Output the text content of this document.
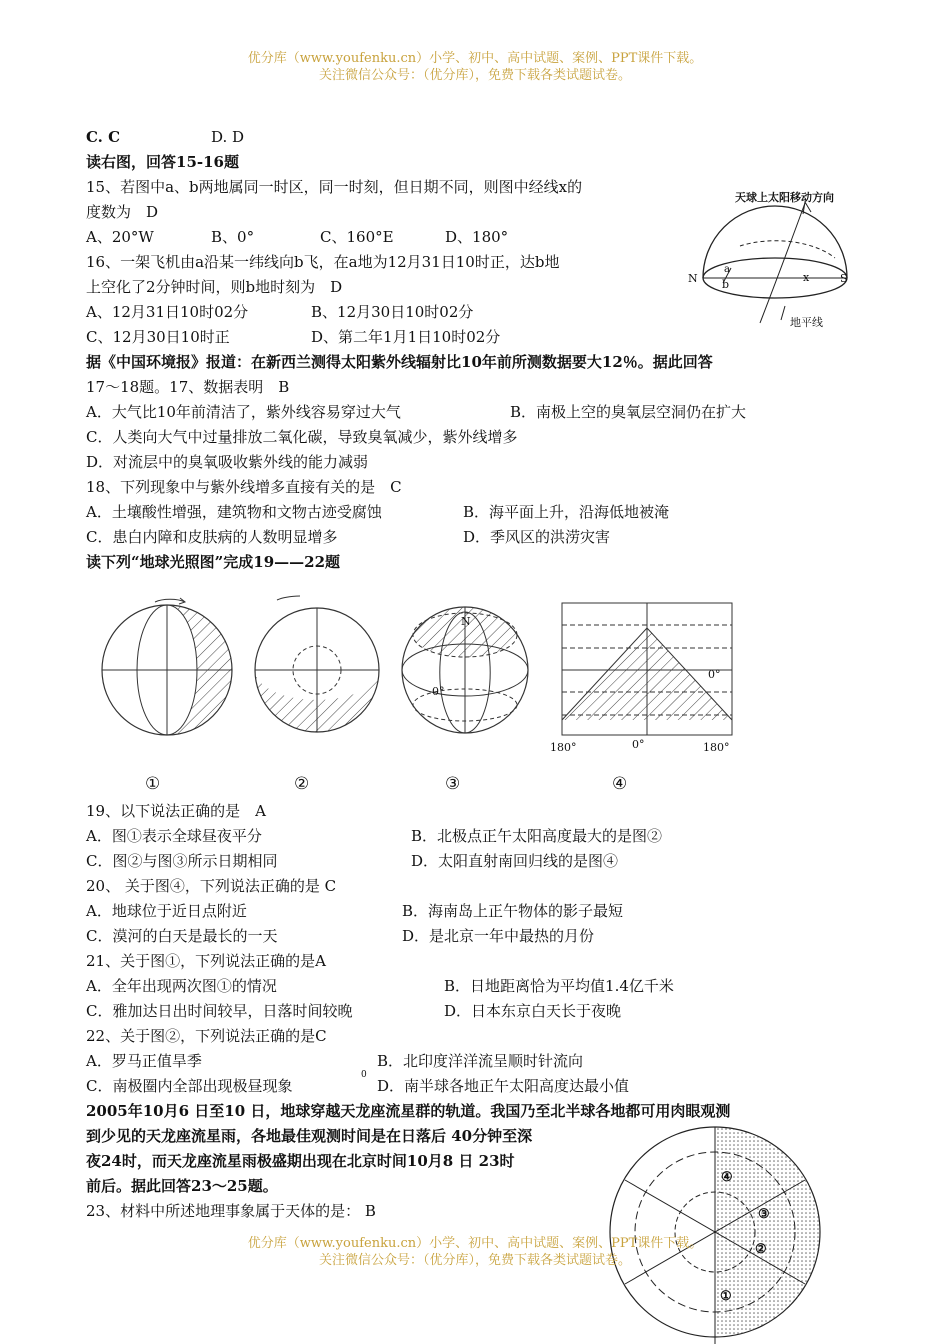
优分库（www.youfenku.cn）小学、初中、高中试题、案例、PPT课件下载。
关注微信公众号：（优分库），免费下载各类试题试卷。
C. C	D. D
读右图，回答15-16题
15、若图中a、b两地属同一时区，同一时刻，但日期不同，则图中经线x的
度数为　D
A、20°W	B、0°	C、160°E	D、180°
16、一架飞机由a沿某一纬线向b飞，在a地为12月31日10时正，达b地
上空化了2分钟时间，则b地时刻为　D
A、12月31日10时02分	B、12月30日10时02分
C、12月30日10时正	D、第二年1月1日10时02分
据《中国环境报》报道：在新西兰测得太阳紫外线辐射比10年前所测数据要大12％。据此回答
17～18题。17、数据表明　B
A．大气比10年前清洁了，紫外线容易穿过大气	B．南极上空的臭氧层空洞仍在扩大
C．人类向大气中过量排放二氧化碳，导致臭氧减少，紫外线增多
D．对流层中的臭氧吸收紫外线的能力减弱
18、下列现象中与紫外线增多直接有关的是　C
A．土壤酸性增强，建筑物和文物古迹受腐蚀	B．海平面上升，沿海低地被淹
C．患白内障和皮肤病的人数明显增多	D．季风区的洪涝灾害
读下列“地球光照图”完成19——22题
N
0°
0°
180°	0°	180°
①	②	③	④
19、以下说法正确的是　A
A．图①表示全球昼夜平分	B．北极点正午太阳高度最大的是图②
C．图②与图③所示日期相同	D．太阳直射南回归线的是图④
20、 关于图④，下列说法正确的是 C
A．地球位于近日点附近	B．海南岛上正午物体的影子最短
C．漠河的白天是最长的一天	D．是北京一年中最热的月份
21、关于图①，下列说法正确的是A
A．全年出现两次图①的情况	B．日地距离恰为平均值1.4亿千米
C．雅加达日出时间较早，日落时间较晚	D．日本东京白天长于夜晚
22、关于图②，下列说法正确的是C
A．罗马正值旱季	B．北印度洋洋流呈顺时针流向
C．南极圈内全部出现极昼现象
0
D．南半球各地正午太阳高度达最小值
2005年10月6 日至10 日，地球穿越天龙座流星群的轨道。我国乃至北半球各地都可用肉眼观测
到少见的天龙座流星雨，各地最佳观测时间是在日落后 40分钟至深
夜24时，而天龙座流星雨极盛期出现在北京时间10月8 日 23时
前后。据此回答23～25题。
23、材料中所述地理事象属于天体的是： B
天球上太阳移动方向
N	S
a
b
x
地平线
④
③
②
①
优分库（www.youfenku.cn）小学、初中、高中试题、案例、PPT课件下载。
关注微信公众号：（优分库），免费下载各类试题试卷。
